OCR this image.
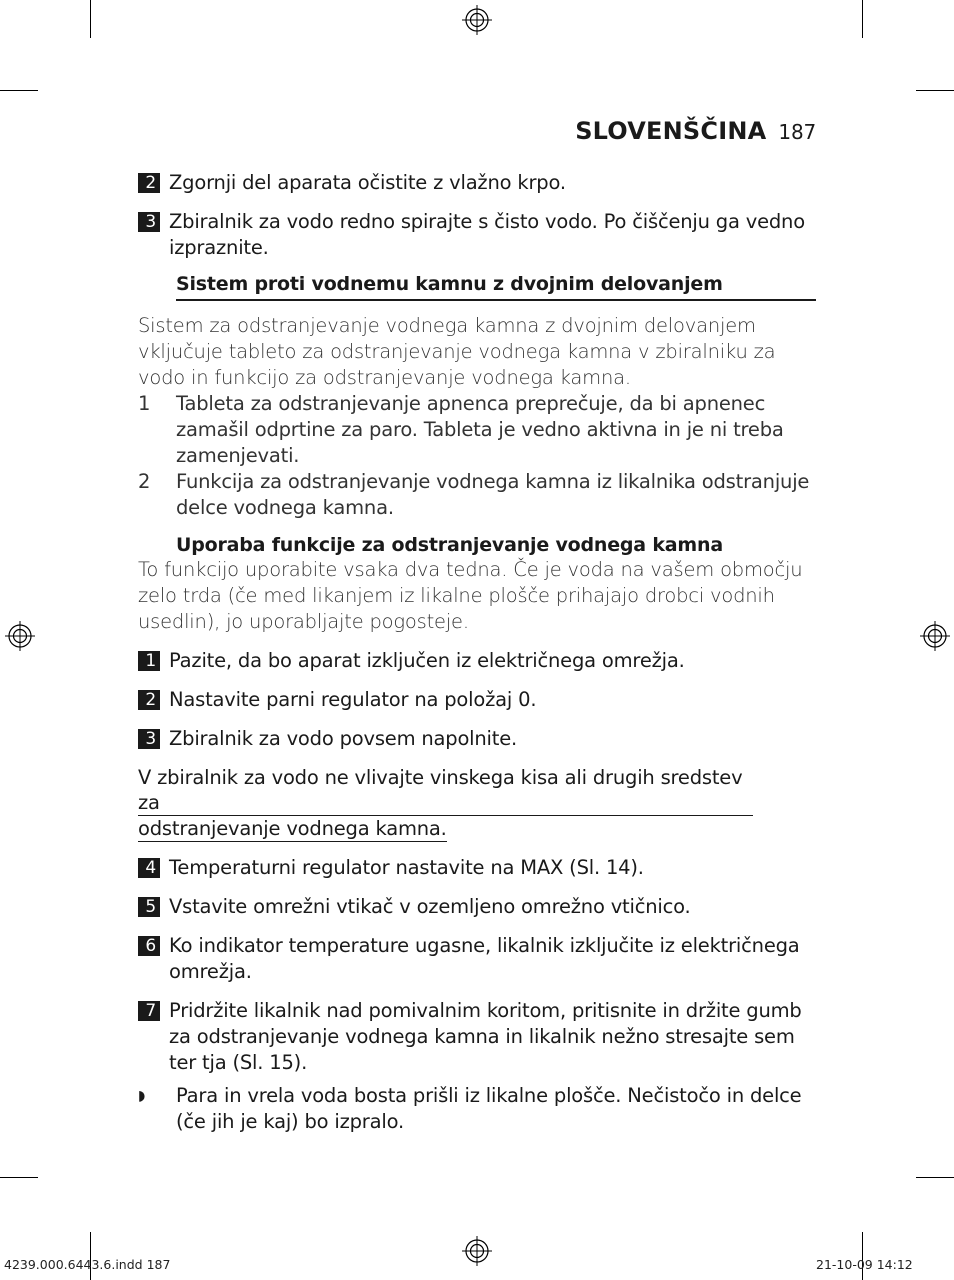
SLOVENŠČINA 187
2 Zgornji del aparata očistite z vlažno krpo.
3 Zbiralnik za vodo redno spirajte s čisto vodo. Po čiščenju ga vedno izpraznite.
Sistem proti vodnemu kamnu z dvojnim delovanjem
Sistem za odstranjevanje vodnega kamna z dvojnim delovanjem vključuje tableto za odstranjevanje vodnega kamna v zbiralniku za vodo in funkcijo za odstranjevanje vodnega kamna.
1	Tableta za odstranjevanje apnenca preprečuje, da bi apnenec zamašil odprtine za paro. Tableta je vedno aktivna in je ni treba zamenjevati.
2	Funkcija za odstranjevanje vodnega kamna iz likalnika odstranjuje delce vodnega kamna.
Uporaba funkcije za odstranjevanje vodnega kamna
To funkcijo uporabite vsaka dva tedna. Če je voda na vašem območju zelo trda (če med likanjem iz likalne plošče prihajajo drobci vodnih usedlin), jo uporabljajte pogosteje.
1 Pazite, da bo aparat izključen iz električnega omrežja.
2 Nastavite parni regulator na položaj 0.
3 Zbiralnik za vodo povsem napolnite.
V zbiralnik za vodo ne vlivajte vinskega kisa ali drugih sredstev za
odstranjevanje vodnega kamna.
4 Temperaturni regulator nastavite na MAX (Sl. 14).
5 Vstavite omrežni vtikač v ozemljeno omrežno vtičnico.
6 Ko indikator temperature ugasne, likalnik izključite iz električnega omrežja.
7 Pridržite likalnik nad pomivalnim koritom, pritisnite in držite gumb za odstranjevanje vodnega kamna in likalnik nežno stresajte sem ter tja (Sl. 15).
◗	Para in vrela voda bosta prišli iz likalne plošče. Nečistočo in delce (če jih je kaj) bo izpralo.
4239.000.6443.6.indd 187	21-10-09 14:12
